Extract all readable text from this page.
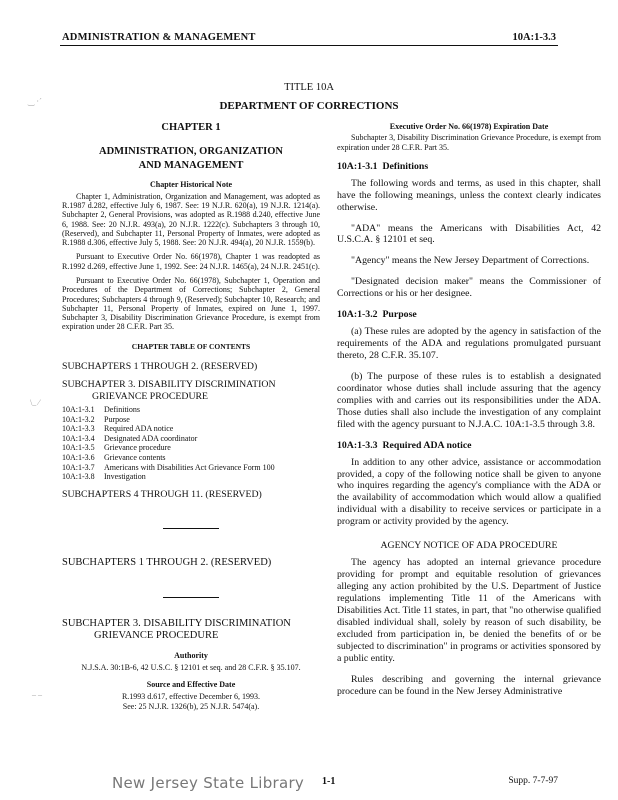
ADMINISTRATION & MANAGEMENT	10A:1-3.3
TITLE 10A
DEPARTMENT OF CORRECTIONS
CHAPTER 1
ADMINISTRATION, ORGANIZATION
AND MANAGEMENT
Chapter Historical Note

Chapter 1, Administration, Organization and Management, was adopted as R.1987 d.282, effective July 6, 1987. See: 19 N.J.R. 620(a), 19 N.J.R. 1214(a). Subchapter 2, General Provisions, was adopted as R.1988 d.240, effective June 6, 1988. See: 20 N.J.R. 493(a), 20 N.J.R. 1222(c). Subchapters 3 through 10, (Reserved), and Subchapter 11, Personal Property of Inmates, were adopted as R.1988 d.306, effective July 5, 1988. See: 20 N.J.R. 494(a), 20 N.J.R. 1559(b).

Pursuant to Executive Order No. 66(1978), Chapter 1 was readopted as R.1992 d.269, effective June 1, 1992. See: 24 N.J.R. 1465(a), 24 N.J.R. 2451(c).

Pursuant to Executive Order No. 66(1978), Subchapter 1, Operation and Procedures of the Department of Corrections; Subchapter 2, General Procedures; Subchapters 4 through 9, (Reserved); Subchapter 10, Research; and Subchapter 11, Personal Property of Inmates, expired on June 1, 1997. Subchapter 3, Disability Discrimination Grievance Procedure, is exempt from expiration under 28 C.F.R. Part 35.

CHAPTER TABLE OF CONTENTS
SUBCHAPTERS 1 THROUGH 2. (RESERVED)
SUBCHAPTER 3. DISABILITY DISCRIMINATION
GRIEVANCE PROCEDURE
10A:1-3.1	Definitions
10A:1-3.2	Purpose
10A:1-3.3	Required ADA notice
10A:1-3.4	Designated ADA coordinator
10A:1-3.5	Grievance procedure
10A:1-3.6	Grievance contents
10A:1-3.7	Americans with Disabilities Act Grievance Form 100
10A:1-3.8	Investigation
SUBCHAPTERS 4 THROUGH 11. (RESERVED)
SUBCHAPTERS 1 THROUGH 2. (RESERVED)
SUBCHAPTER 3. DISABILITY DISCRIMINATION
GRIEVANCE PROCEDURE
Authority
N.J.S.A. 30:1B-6, 42 U.S.C. § 12101 et seq. and 28 C.F.R. § 35.107.
Source and Effective Date
R.1993 d.617, effective December 6, 1993.
See: 25 N.J.R. 1326(b), 25 N.J.R. 5474(a).
Executive Order No. 66(1978) Expiration Date

Subchapter 3, Disability Discrimination Grievance Procedure, is exempt from expiration under 28 C.F.R. Part 35.

10A:1-3.1 Definitions

The following words and terms, as used in this chapter, shall have the following meanings, unless the context clearly indicates otherwise.

"ADA" means the Americans with Disabilities Act, 42 U.S.C.A. § 12101 et seq.

"Agency" means the New Jersey Department of Corrections.

"Designated decision maker" means the Commissioner of Corrections or his or her designee.

10A:1-3.2 Purpose

(a) These rules are adopted by the agency in satisfaction of the requirements of the ADA and regulations promulgated pursuant thereto, 28 C.F.R. 35.107.

(b) The purpose of these rules is to establish a designated coordinator whose duties shall include assuring that the agency complies with and carries out its responsibilities under the ADA. Those duties shall also include the investigation of any complaint filed with the agency pursuant to N.J.A.C. 10A:1-3.5 through 3.8.

10A:1-3.3 Required ADA notice

In addition to any other advice, assistance or accommodation provided, a copy of the following notice shall be given to anyone who inquires regarding the agency's compliance with the ADA or the availability of accommodation which would allow a qualified individual with a disability to receive services or participate in a program or activity provided by the agency.

AGENCY NOTICE OF ADA PROCEDURE

The agency has adopted an internal grievance procedure providing for prompt and equitable resolution of grievances alleging any action prohibited by the U.S. Department of Justice regulations implementing Title 11 of the Americans with Disabilities Act. Title 11 states, in part, that "no otherwise qualified disabled individual shall, solely by reason of such disability, be excluded from participation in, be denied the benefits of or be subjected to discrimination" in programs or activities sponsored by a public entity.

Rules describing and governing the internal grievance procedure can be found in the New Jersey Administrative

‿ ·´
\_ ⁄
– –
New Jersey State Library 1-1	Supp. 7-7-97
